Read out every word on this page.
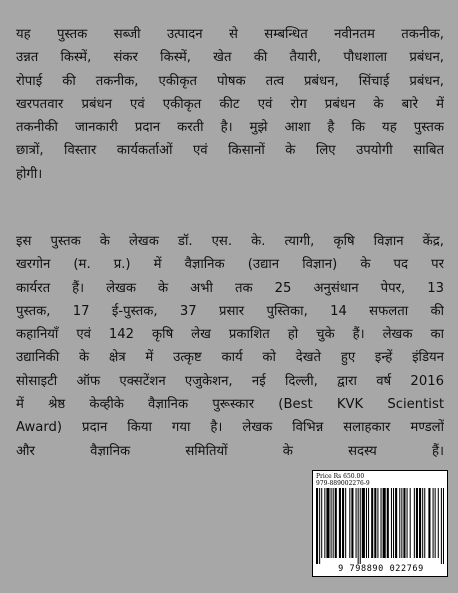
यह पुस्तक सब्जी उत्पादन से सम्बन्धित नवीनतम तकनीक,
उन्नत किस्में, संकर किस्में, खेत की तैयारी, पौधशाला प्रबंधन,
रोपाई की तकनीक, एकीकृत पोषक तत्व प्रबंधन, सिंचाई प्रबंधन,
खरपतवार प्रबंधन एवं एकीकृत कीट एवं रोग प्रबंधन के बारे में
तकनीकी जानकारी प्रदान करती है। मुझे आशा है कि यह पुस्तक
छात्रों, विस्तार कार्यकर्ताओं एवं किसानों के लिए उपयोगी साबित
होगी।
इस पुस्तक के लेखक डॉ. एस. के. त्यागी, कृषि विज्ञान केंद्र,
खरगोन (म. प्र.) में वैज्ञानिक (उद्यान विज्ञान) के पद पर
कार्यरत हैं। लेखक के अभी तक 25 अनुसंधान पेपर, 13
पुस्तक, 17 ई-पुस्तक, 37 प्रसार पुस्तिका, 14 सफलता की
कहानियाँ एवं 142 कृषि लेख प्रकाशित हो चुके हैं। लेखक का
उद्यानिकी के क्षेत्र में उत्कृष्ट कार्य को देखते हुए इन्हें इंडियन
सोसाइटी ऑफ एक्सटेंशन एजुकेशन, नई दिल्ली, द्वारा वर्ष 2016
में श्रेष्ठ केव्हीके वैज्ञानिक पुरूस्कार (Best KVK Scientist
Award) प्रदान किया गया है। लेखक विभिन्न सलाहकार मण्डलों
और वैज्ञानिक समितियों के सदस्य हैं।
Price Rs 650.00
979-889002276-9
9 798890 022769
